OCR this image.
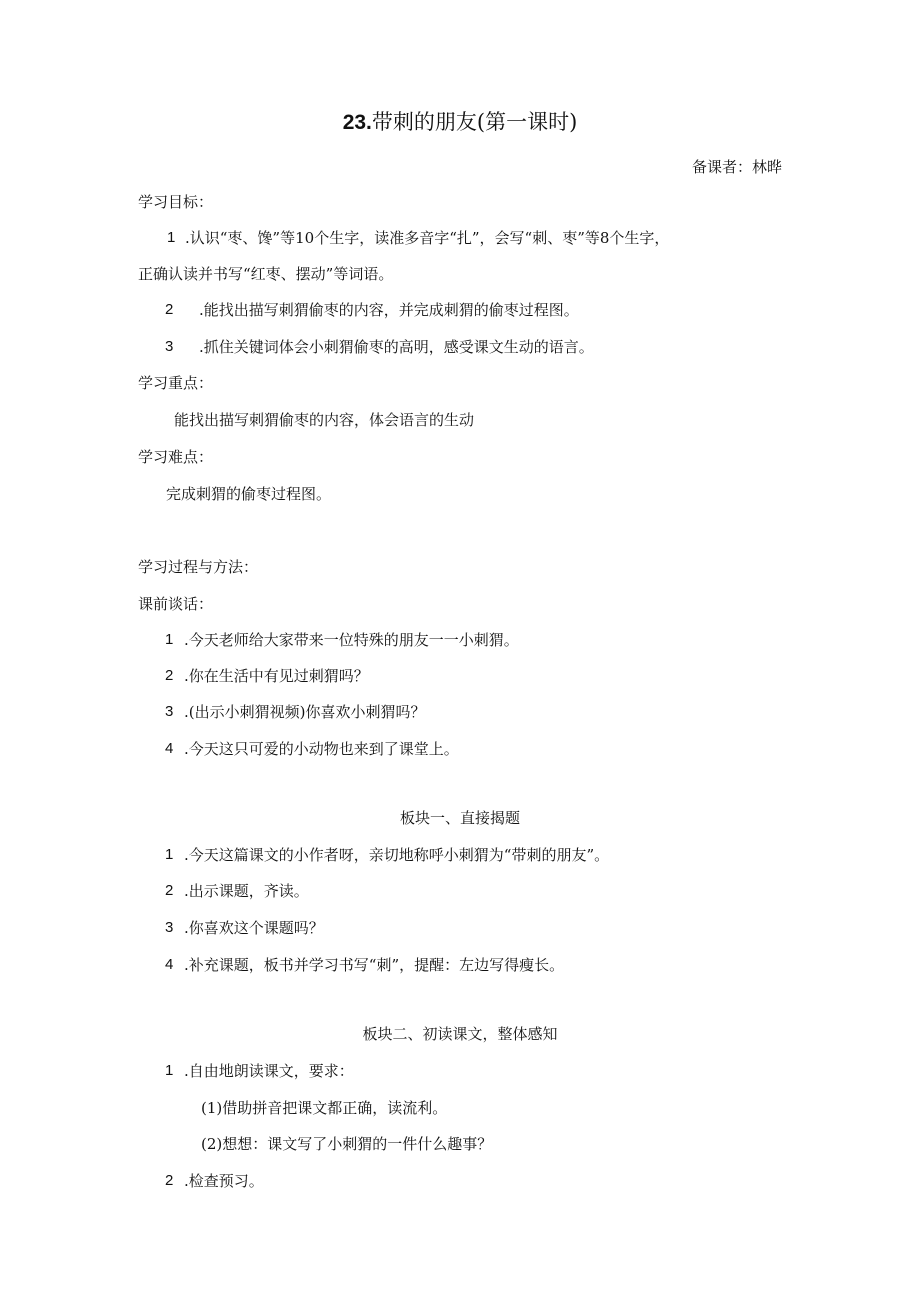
23.带刺的朋友(第一课时)
备课者：林晔
学习目标：
1 .认识“枣、馋”等10个生字，读准多音字“扎”，会写“刺、枣”等8个生字，
正确认读并书写“红枣、摆动”等词语。
2 .能找出描写刺猬偷枣的内容，并完成刺猬的偷枣过程图。
3 .抓住关键词体会小刺猬偷枣的高明，感受课文生动的语言。
学习重点：
能找出描写刺猬偷枣的内容，体会语言的生动
学习难点：
完成刺猬的偷枣过程图。
学习过程与方法：
课前谈话：
1 .今天老师给大家带来一位特殊的朋友一一小刺猬。
2 .你在生活中有见过刺猬吗？
3 .(出示小刺猬视频)你喜欢小刺猬吗？
4 .今天这只可爱的小动物也来到了课堂上。
板块一、直接揭题
1 .今天这篇课文的小作者呀，亲切地称呼小刺猬为“带刺的朋友”。
2 .出示课题，齐读。
3 .你喜欢这个课题吗？
4 .补充课题，板书并学习书写“刺”，提醒：左边写得瘦长。
板块二、初读课文，整体感知
1 .自由地朗读课文，要求：
(1)借助拼音把课文都正确，读流利。
(2)想想：课文写了小刺猬的一件什么趣事？
2 .检查预习。
